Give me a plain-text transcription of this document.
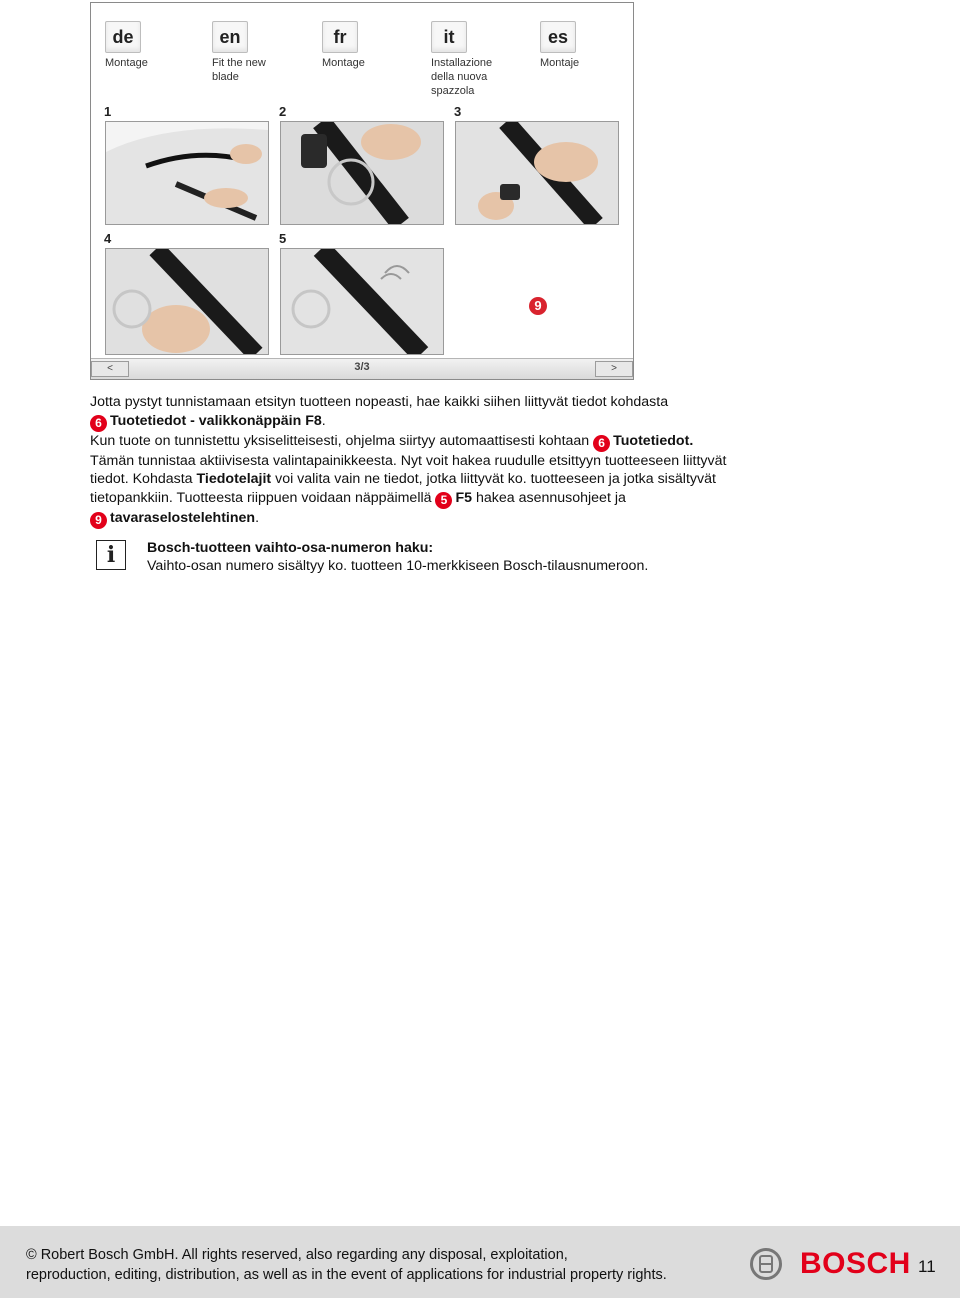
de
Montage
en
Fit the new blade
fr
Montage
it
Installazione della nuova spazzola
es
Montaje
1	2	3
4	5
9
<	3/3	>

Jotta pystyt tunnistamaan etsityn tuotteen nopeasti, hae kaikki siihen liittyvät tiedot kohdasta
6 Tuotetiedot - valikkonäppäin F8.

Kun tuote on tunnistettu yksiselitteisesti, ohjelma siirtyy automaattisesti kohtaan 6 Tuotetiedot.

Tämän tunnistaa aktiivisesta valintapainikkeesta. Nyt voit hakea ruudulle etsittyyn tuotteeseen liittyvät tiedot. Kohdasta Tiedotelajit voi valita vain ne tiedot, jotka liittyvät ko. tuotteeseen ja jotka sisältyvät tietopankkiin. Tuotteesta riippuen voidaan näppäimellä 5 F5 hakea asennusohjeet ja
9 tavaraselostelehtinen.

i	Bosch-tuotteen vaihto-osa-numeron haku:
Vaihto-osan numero sisältyy ko. tuotteen 10-merkkiseen Bosch-tilausnumeroon.
© Robert Bosch GmbH. All rights reserved, also regarding any disposal, exploitation,
reproduction, editing, distribution, as well as in the event of applications for industrial property rights.	BOSCH 11
